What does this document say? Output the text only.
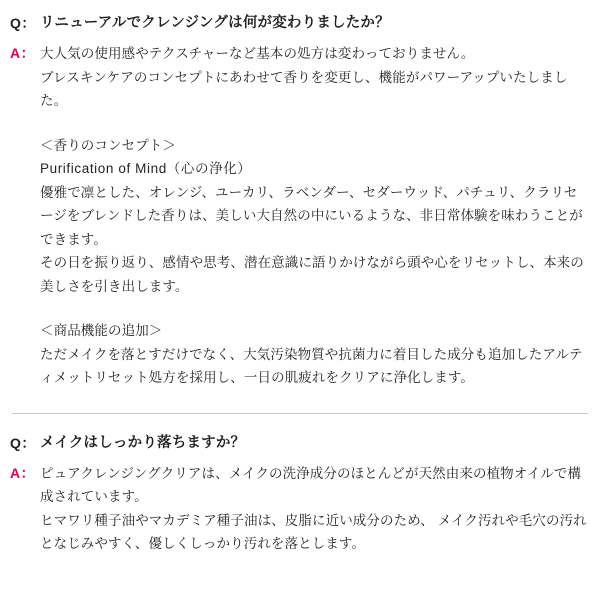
Q： リニューアルでクレンジングは何が変わりましたか？
A： 大人気の使用感やテクスチャーなど基本の処方は変わっておりません。

ブレスキンケアのコンセプトにあわせて香りを変更し、機能がパワーアップいたしました。

＜香りのコンセプト＞

Purification of Mind（心の浄化）

優雅で凛とした、オレンジ、ユーカリ、ラベンダー、セダーウッド、パチュリ、クラリセージをブレンドした香りは、美しい大自然の中にいるような、非日常体験を味わうことができます。

その日を振り返り、感情や思考、潜在意識に語りかけながら頭や心をリセットし、本来の美しさを引き出します。

＜商品機能の追加＞

ただメイクを落とすだけでなく、大気汚染物質や抗菌力に着目した成分も追加したアルティメットリセット処方を採用し、一日の肌疲れをクリアに浄化します。

Q： メイクはしっかり落ちますか？
A： ピュアクレンジングクリアは、メイクの洗浄成分のほとんどが天然由来の植物オイルで構成されています。

ヒマワリ種子油やマカデミア種子油は、皮脂に近い成分のため、 メイク汚れや毛穴の汚れとなじみやすく、優しくしっかり汚れを落とします。
